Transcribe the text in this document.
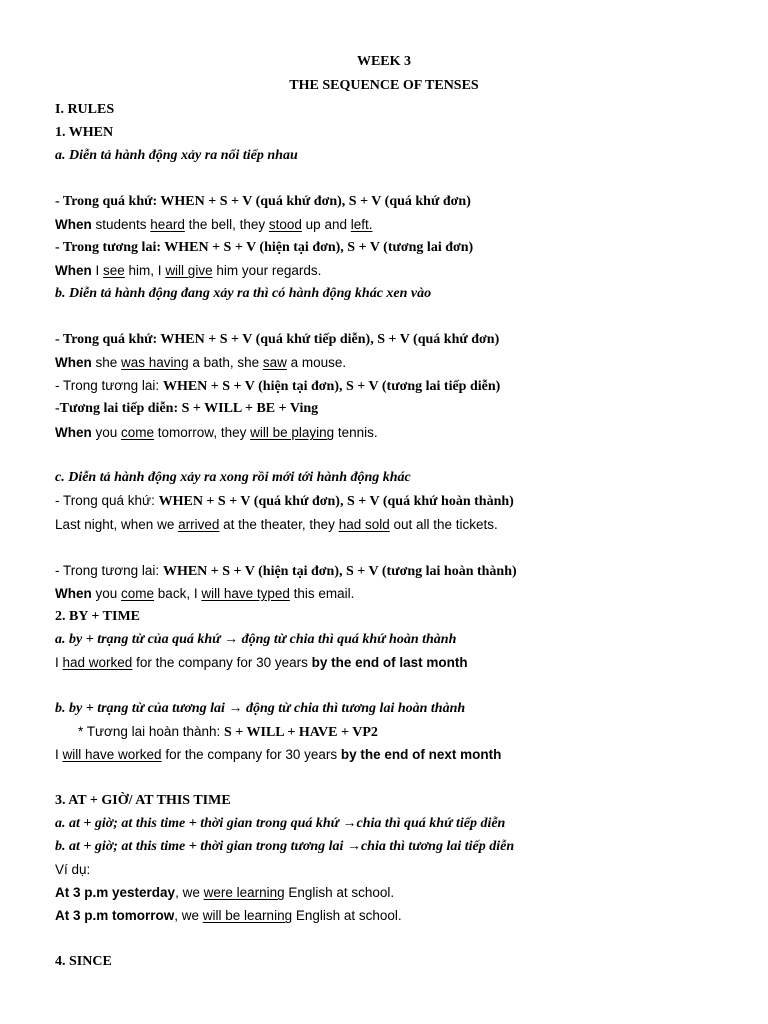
WEEK 3
THE SEQUENCE OF TENSES
I. RULES
1. WHEN
a. Diễn tả hành động xảy ra nối tiếp nhau
- Trong quá khứ: WHEN + S + V (quá khứ đơn), S + V (quá khứ đơn)
When students heard the bell, they stood up and left.
- Trong tương lai: WHEN + S + V (hiện tại đơn), S + V (tương lai đơn)
When I see him, I will give him your regards.
b. Diễn tả hành động đang xảy ra thì có hành động khác xen vào
- Trong quá khứ: WHEN + S + V (quá khứ tiếp diễn), S + V (quá khứ đơn)
When she was having a bath, she saw a mouse.
- Trong tương lai: WHEN + S + V (hiện tại đơn), S + V (tương lai tiếp diễn)
-Tương lai tiếp diễn: S + WILL + BE + Ving
When you come tomorrow, they will be playing tennis.
c. Diễn tả hành động xảy ra xong rồi mới tới hành động khác
- Trong quá khứ: WHEN + S + V (quá khứ đơn), S + V (quá khứ hoàn thành)
Last night, when we arrived at the theater, they had sold out all the tickets.
- Trong tương lai: WHEN + S + V (hiện tại đơn), S + V (tương lai hoàn thành)
When you come back, I will have typed this email.
2. BY + TIME
a. by + trạng từ của quá khứ → động từ chia thì quá khứ hoàn thành
I had worked for the company for 30 years by the end of last month
b. by + trạng từ của tương lai → động từ chia thì tương lai hoàn thành
* Tương lai hoàn thành: S + WILL + HAVE + VP2
I will have worked for the company for 30 years by the end of next month
3. AT + GIỜ/ AT THIS TIME
a. at + giờ; at this time + thời gian trong quá khứ →chia thì quá khứ tiếp diễn
b. at + giờ; at this time + thời gian trong tương lai →chia thì tương lai tiếp diễn
Ví dụ:
At 3 p.m yesterday, we were learning English at school.
At 3 p.m tomorrow, we will be learning English at school.
4. SINCE
